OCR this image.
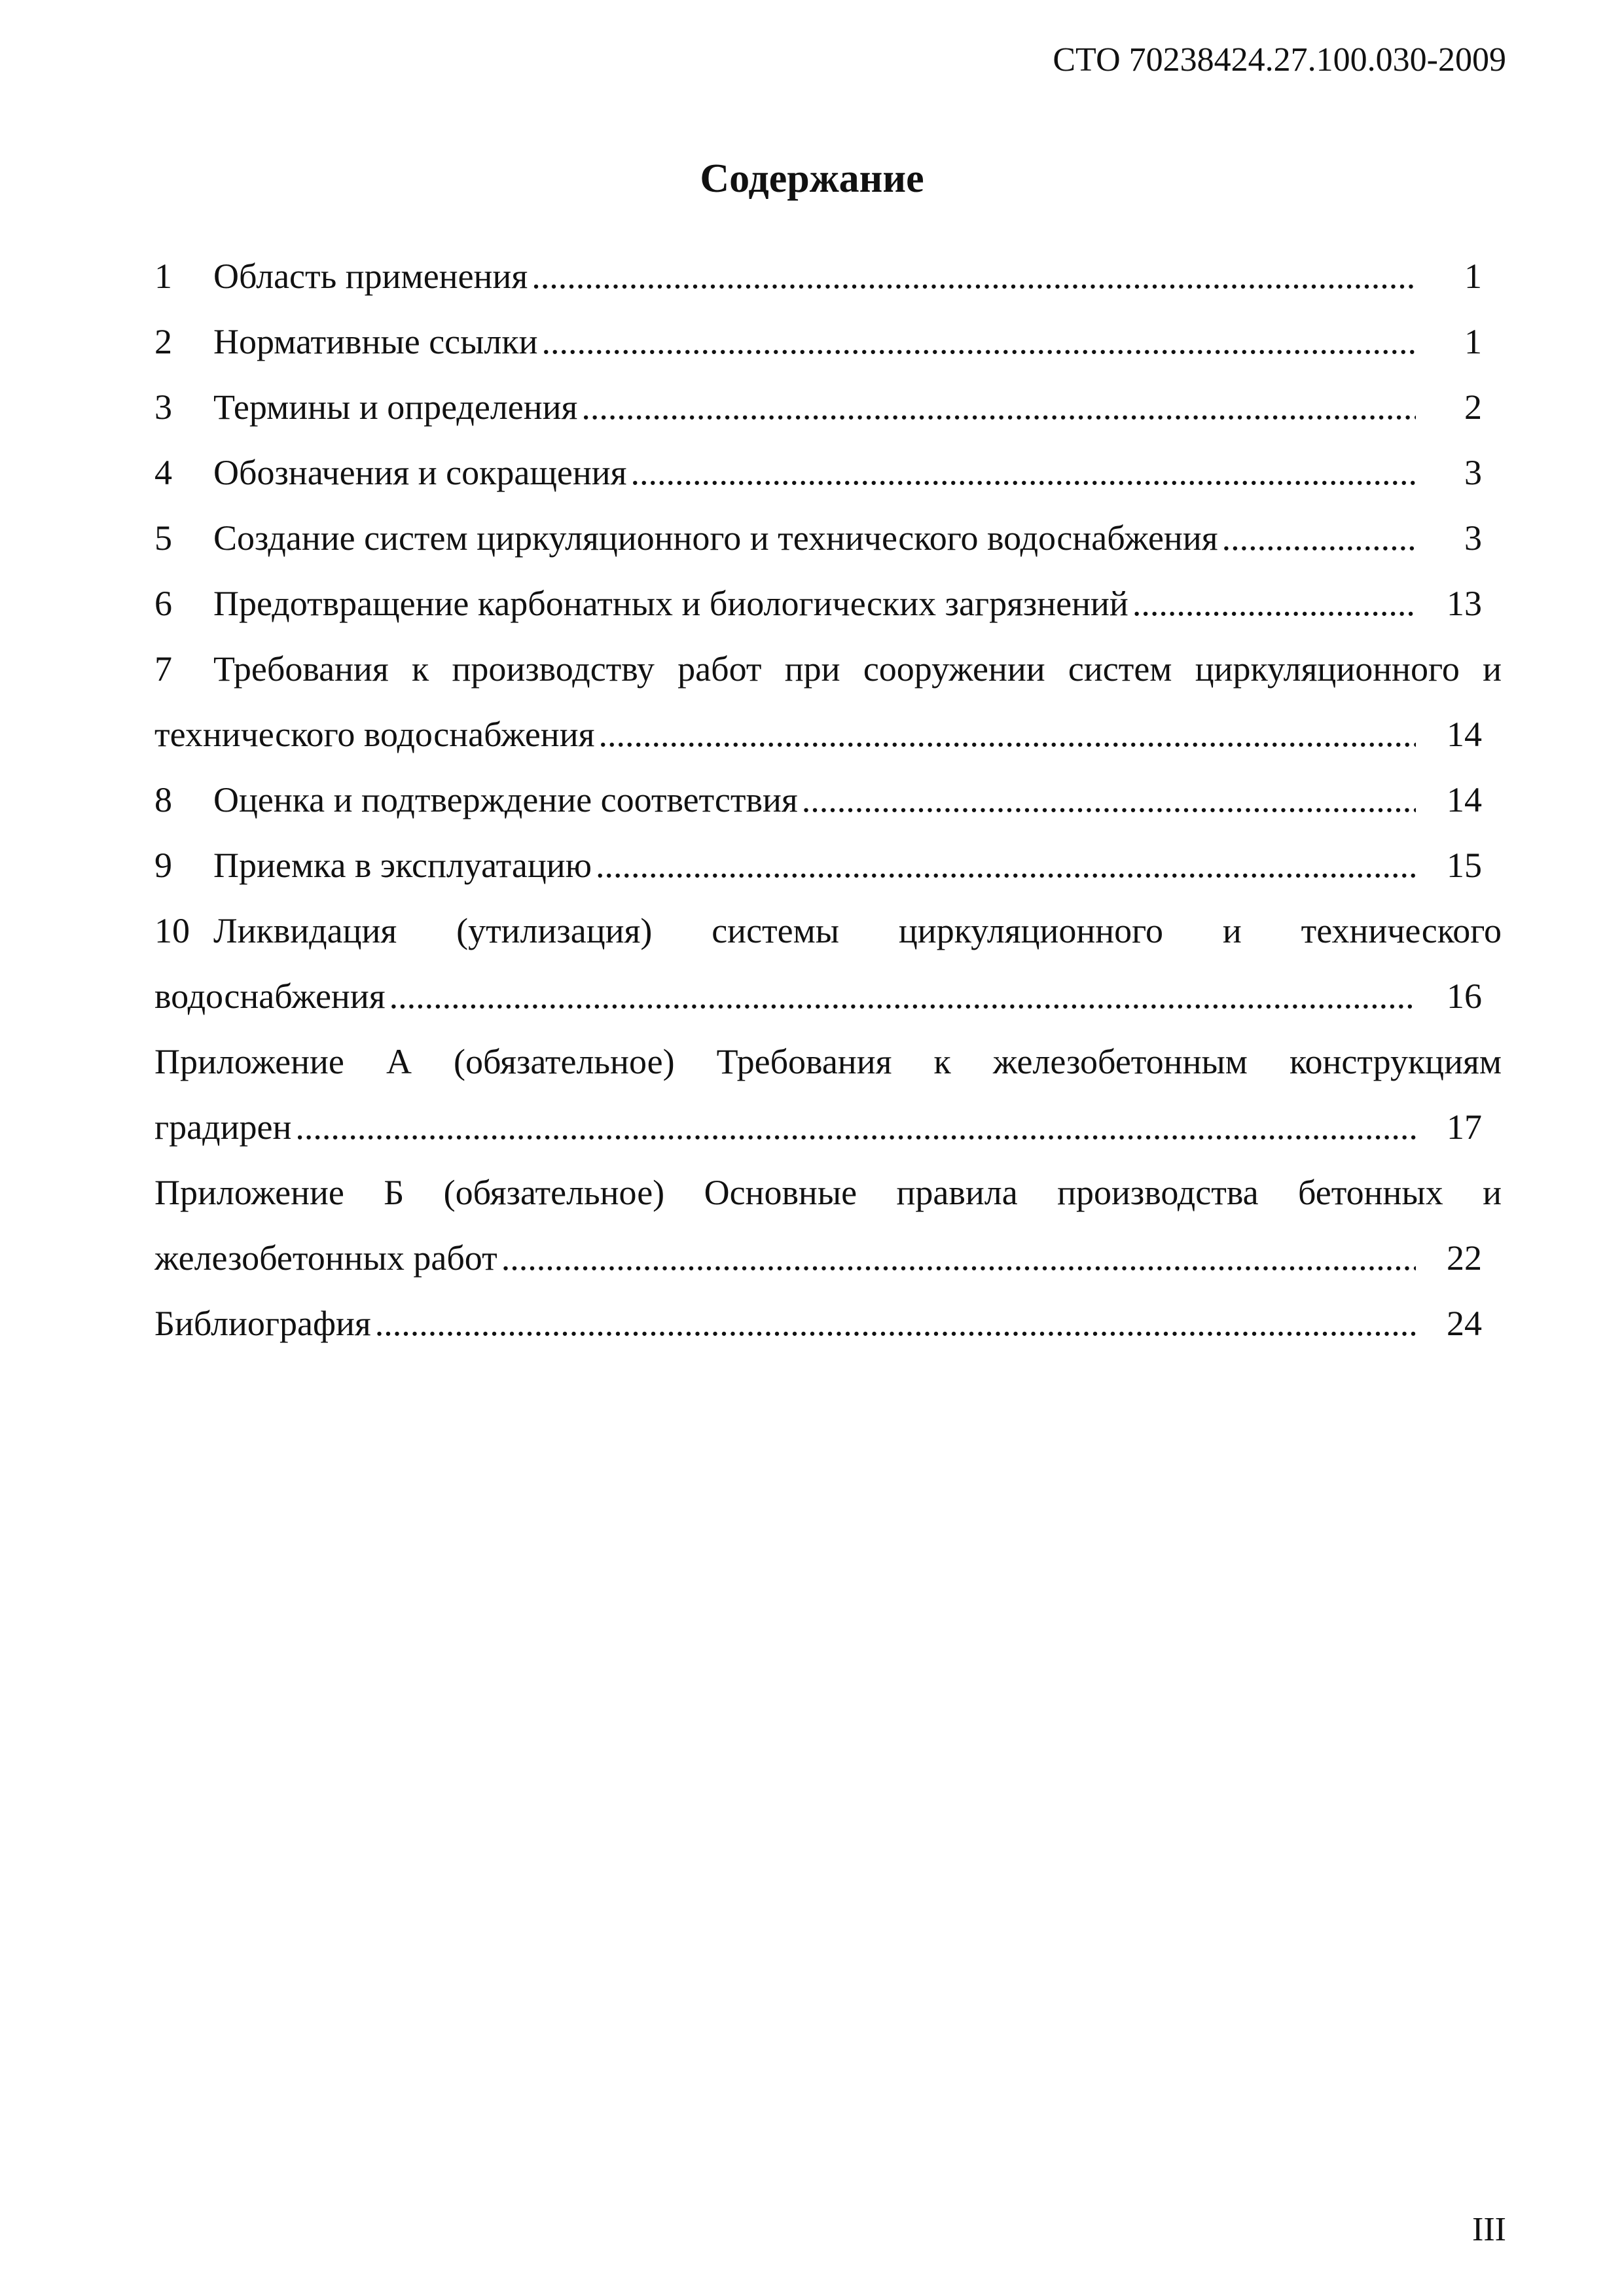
СТО 70238424.27.100.030-2009
Содержание
1	Область применения .....	1
2	Нормативные ссылки .....	1
3	Термины и определения .....	2
4	Обозначения и сокращения .....	3
5	Создание систем циркуляционного и технического водоснабжения .....	3
6	Предотвращение карбонатных и биологических загрязнений .....	13
7 Требования к производству работ при сооружении систем циркуляционного и
технического водоснабжения .....	14
8	Оценка и подтверждение соответствия .....	14
9	Приемка в эксплуатацию .....	15
10 Ликвидация (утилизация) системы циркуляционного и технического
водоснабжения .....	16
Приложение А (обязательное) Требования к железобетонным конструкциям
градирен .....	17
Приложение Б (обязательное) Основные правила производства бетонных и
железобетонных работ .....	22
Библиография .....	24
III
